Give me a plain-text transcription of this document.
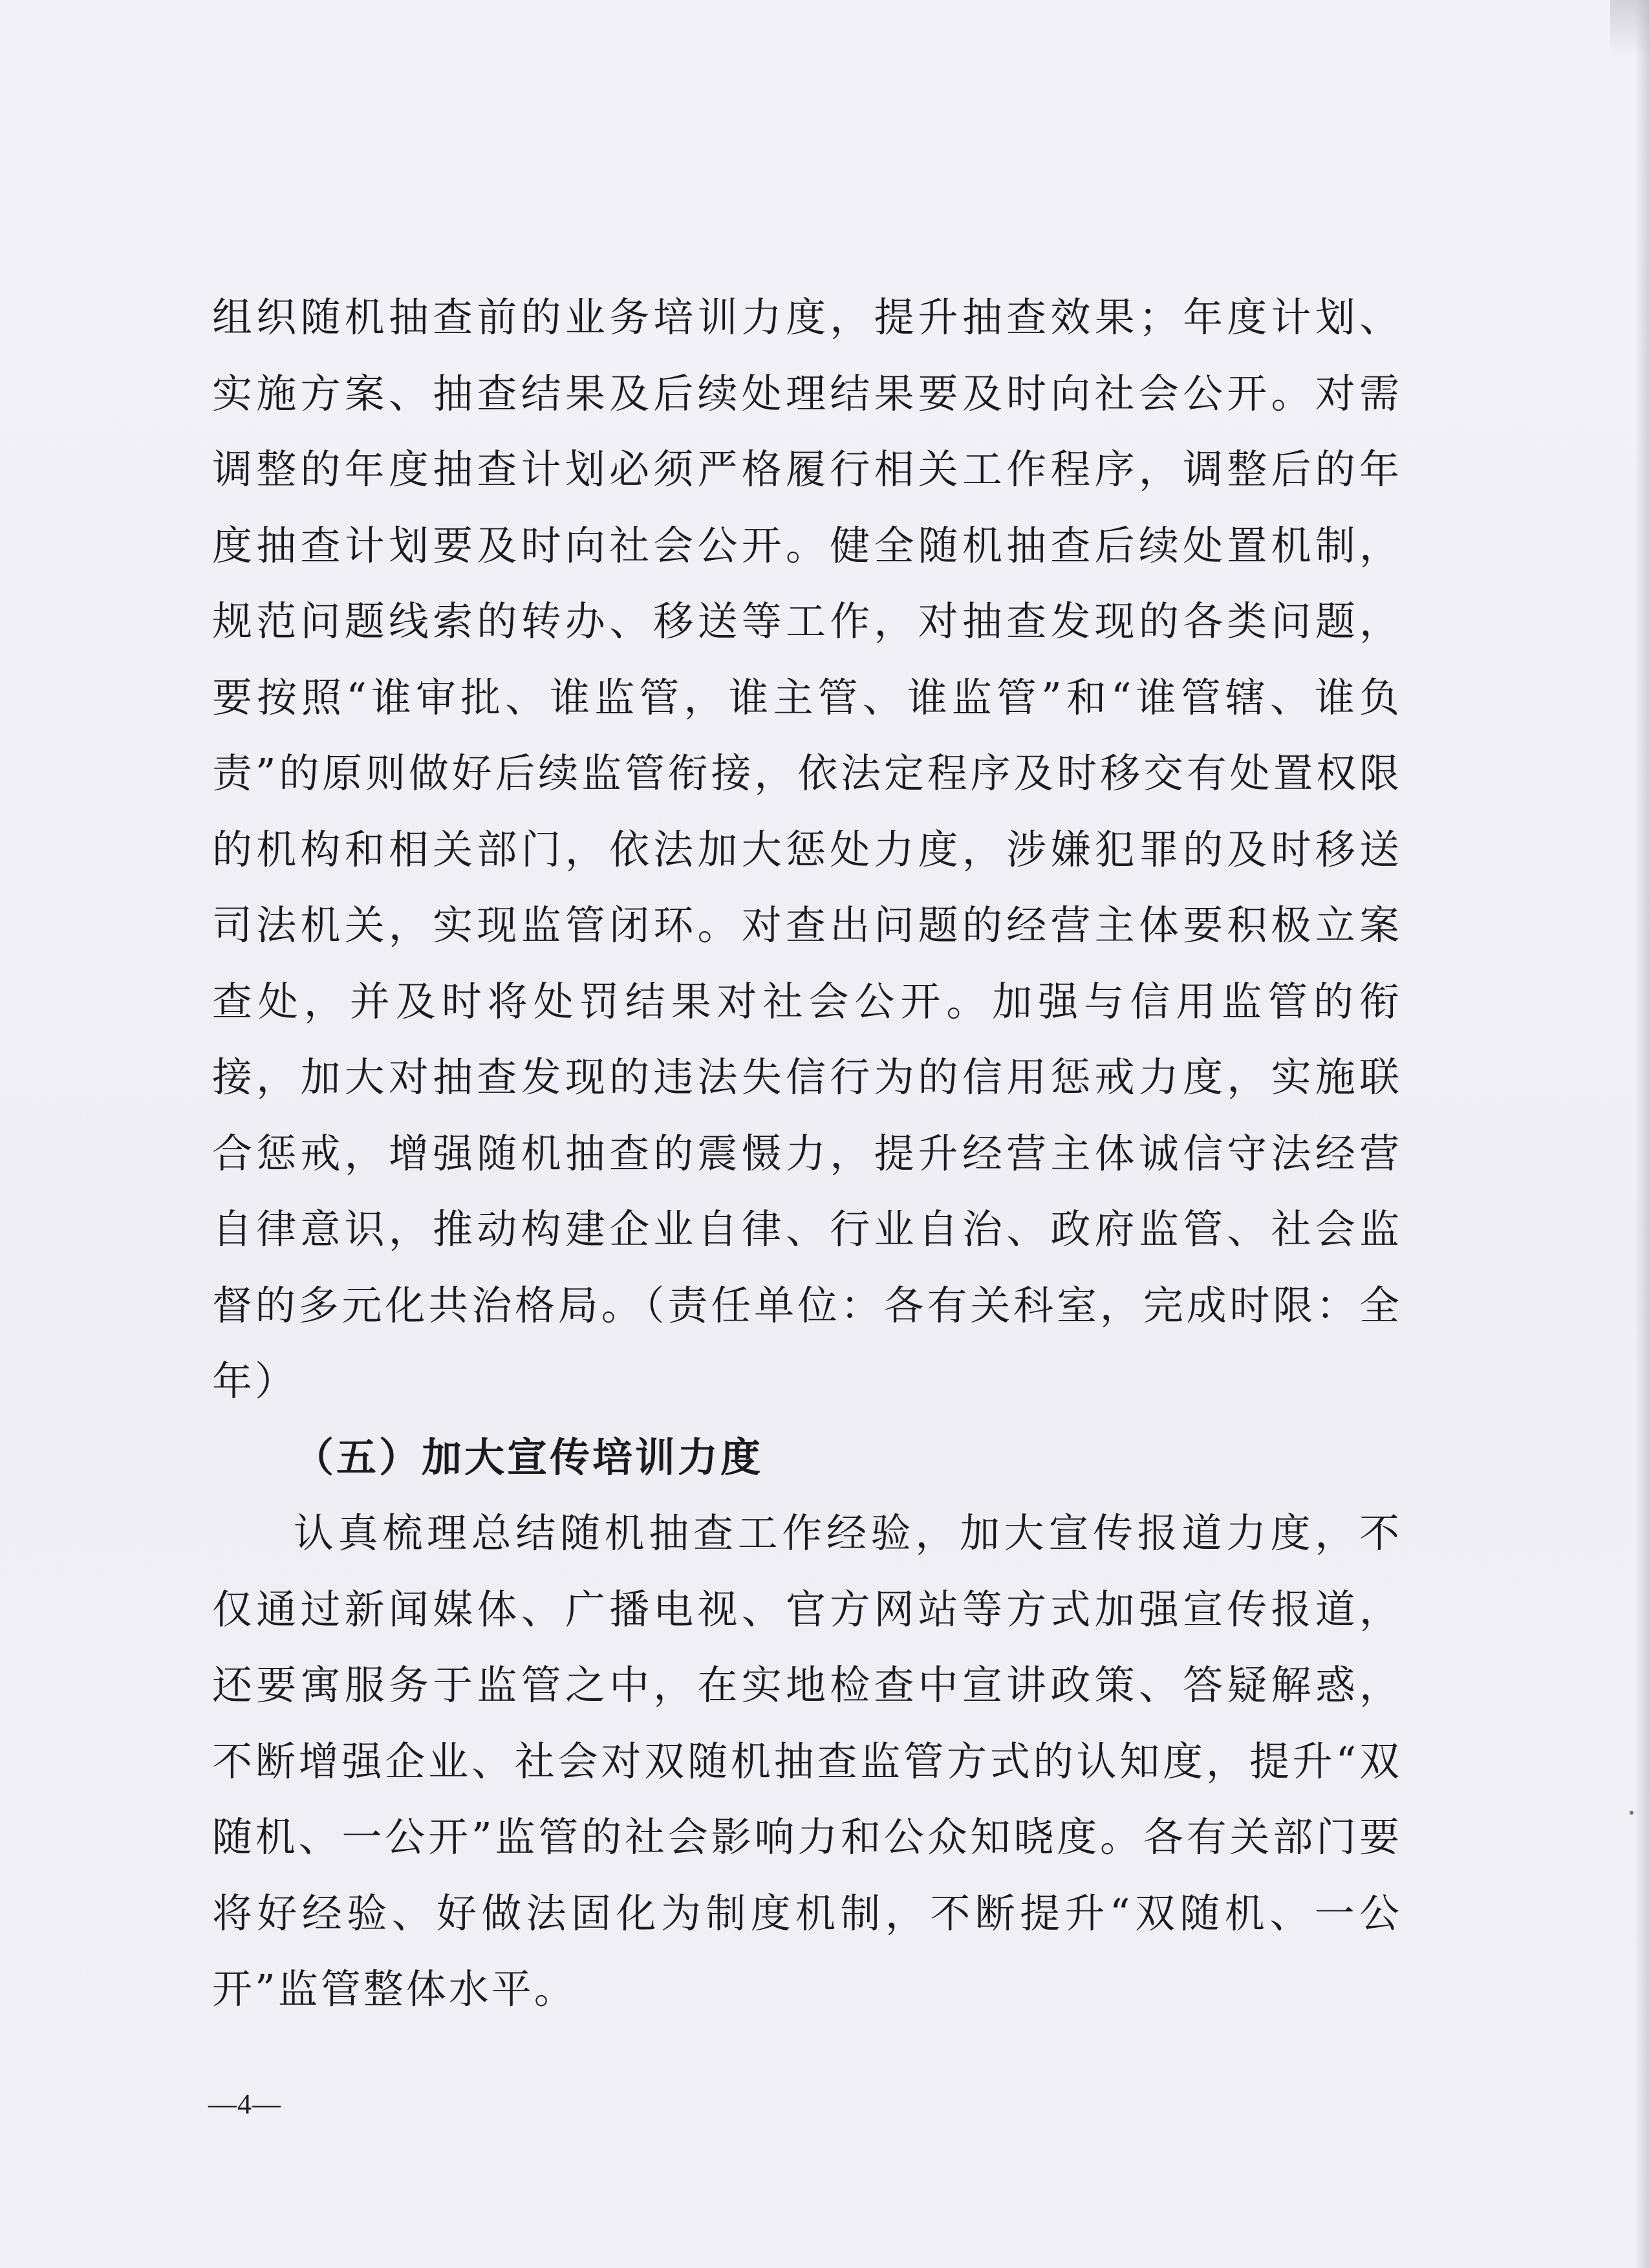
组织随机抽查前的业务培训力度，提升抽查效果；年度计划、实施方案、抽查结果及后续处理结果要及时向社会公开。对需调整的年度抽查计划必须严格履行相关工作程序，调整后的年度抽查计划要及时向社会公开。健全随机抽查后续处置机制，规范问题线索的转办、移送等工作，对抽查发现的各类问题，要按照“谁审批、谁监管，谁主管、谁监管”和“谁管辖、谁负责”的原则做好后续监管衔接，依法定程序及时移交有处置权限的机构和相关部门，依法加大惩处力度，涉嫌犯罪的及时移送司法机关，实现监管闭环。对查出问题的经营主体要积极立案查处，并及时将处罚结果对社会公开。加强与信用监管的衔接，加大对抽查发现的违法失信行为的信用惩戒力度，实施联合惩戒，增强随机抽查的震慑力，提升经营主体诚信守法经营自律意识，推动构建企业自律、行业自治、政府监管、社会监督的多元化共治格局。（责任单位：各有关科室，完成时限：全年）

（五）加大宣传培训力度

认真梳理总结随机抽查工作经验，加大宣传报道力度，不仅通过新闻媒体、广播电视、官方网站等方式加强宣传报道，还要寓服务于监管之中，在实地检查中宣讲政策、答疑解惑，不断增强企业、社会对双随机抽查监管方式的认知度，提升“双随机、一公开”监管的社会影响力和公众知晓度。各有关部门要将好经验、好做法固化为制度机制，不断提升“双随机、一公开”监管整体水平。

—4—
